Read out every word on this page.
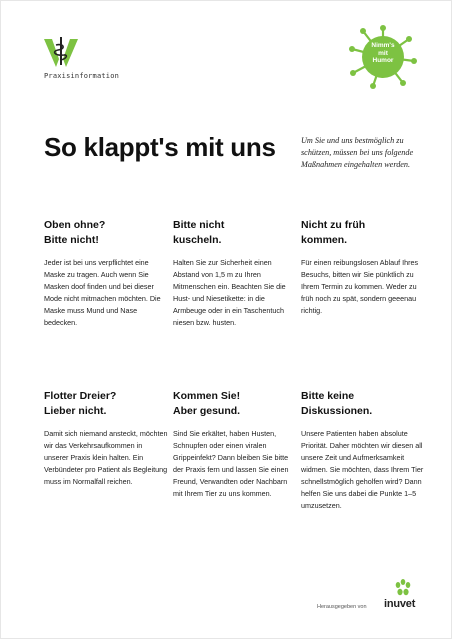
Praxisinformation
Nimm's
mit
Humor
So klappt's mit uns	Um Sie und uns bestmöglich zu schützen, müssen bei uns folgende Maßnahmen eingehalten werden.
Oben ohne?
Bitte nicht!

Jeder ist bei uns verpflichtet eine Maske zu tragen. Auch wenn Sie Masken doof finden und bei dieser Mode nicht mitmachen möchten. Die Maske muss Mund und Nase bedecken.

Bitte nicht
kuscheln.

Halten Sie zur Sicherheit einen Abstand von 1,5 m zu Ihren Mitmenschen ein. Beachten Sie die Hust- und Niesetikette: in die Armbeuge oder in ein Taschentuch niesen bzw. husten.

Nicht zu früh
kommen.

Für einen reibungslosen Ablauf Ihres Besuchs, bitten wir Sie pünktlich zu Ihrem Termin zu kommen. Weder zu früh noch zu spät, sondern geeenau richtig.

Flotter Dreier?
Lieber nicht.

Damit sich niemand ansteckt, möchten wir das Verkehrsaufkommen in unserer Praxis klein halten. Ein Verbündeter pro Patient als Begleitung muss im Normalfall reichen.

Kommen Sie!
Aber gesund.

Sind Sie erkältet, haben Husten, Schnupfen oder einen viralen Grippeinfekt? Dann bleiben Sie bitte der Praxis fern und lassen Sie einen Freund, Verwandten oder Nachbarn mit Ihrem Tier zu uns kommen.

Bitte keine
Diskussionen.

Unsere Patienten haben absolute Priorität. Daher möchten wir diesen all unsere Zeit und Aufmerksamkeit widmen. Sie möchten, dass Ihrem Tier schnellstmöglich geholfen wird? Dann helfen Sie uns dabei die Punkte 1–5 umzusetzen.

Herausgegeben von inuvet
